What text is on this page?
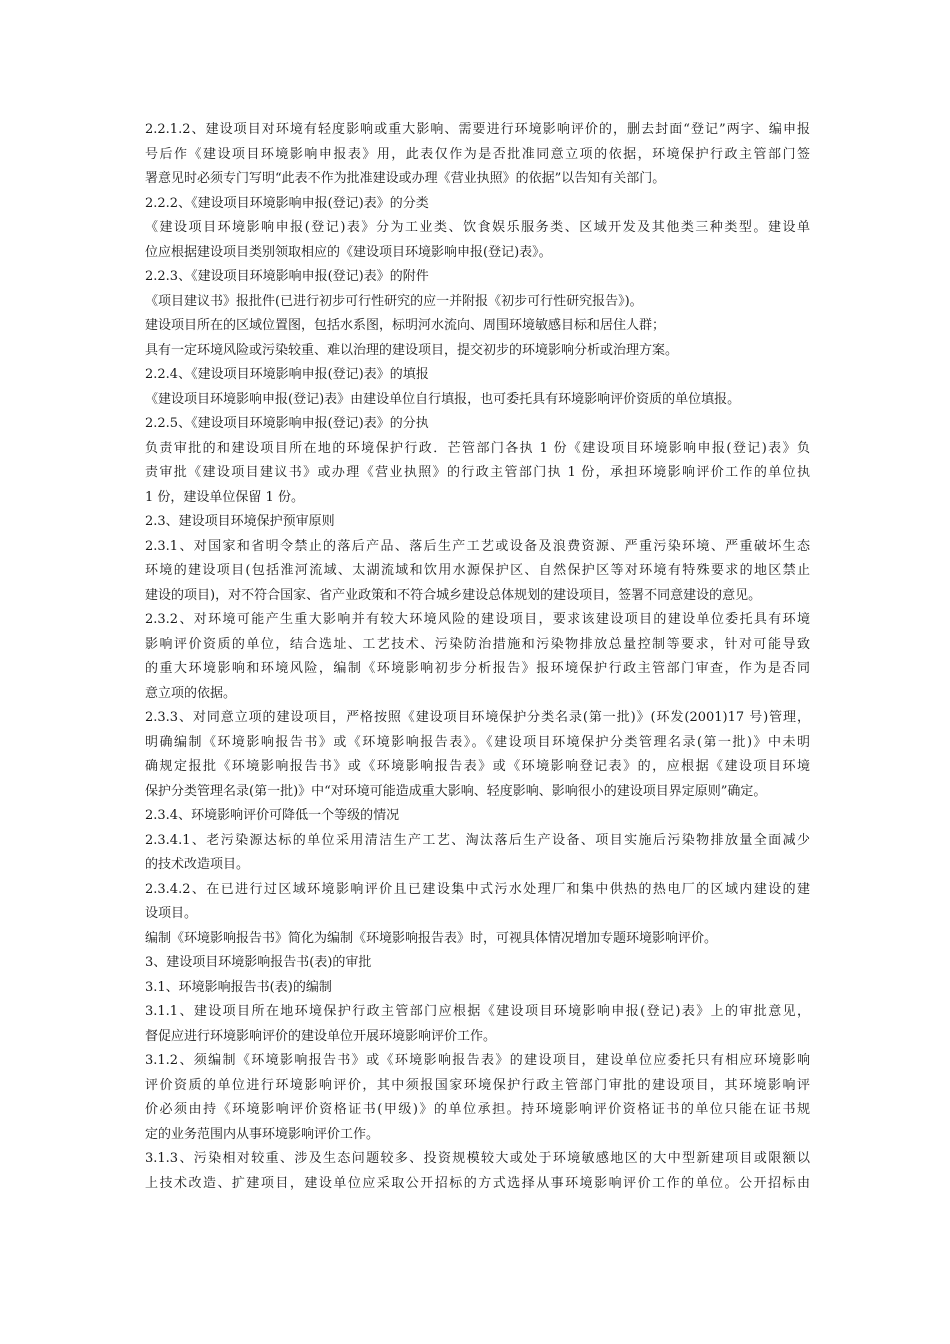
2.2.1.2、建设项目对环境有轻度影响或重大影响、需要进行环境影响评价的，删去封面“登记”两字、编申报
号后作《建设项目环境影响申报表》用，此表仅作为是否批准同意立项的依据，环境保护行政主管部门签
署意见时必须专门写明“此表不作为批准建设或办理《营业执照》的依据”以告知有关部门。
2.2.2、《建设项目环境影响申报(登记)表》的分类
《建设项目环境影响申报(登记)表》分为工业类、饮食娱乐服务类、区域开发及其他类三种类型。建设单
位应根据建设项目类别领取相应的《建设项目环境影响申报(登记)表》。
2.2.3、《建设项目环境影响申报(登记)表》的附件
《项目建议书》报批件(已进行初步可行性研究的应一并附报《初步可行性研究报告》)。
建设项目所在的区域位置图，包括水系图，标明河水流向、周围环境敏感目标和居住人群；
具有一定环境风险或污染较重、难以治理的建设项目，提交初步的环境影响分析或治理方案。
2.2.4、《建设项目环境影响申报(登记)表》的填报
《建设项目环境影响申报(登记)表》由建设单位自行填报，也可委托具有环境影响评价资质的单位填报。
2.2.5、《建设项目环境影响申报(登记)表》的分执
负责审批的和建设项目所在地的环境保护行政．芒管部门各执 1 份《建设项目环境影响申报(登记)表》负
责审批《建设项目建议书》或办理《营业执照》的行政主管部门执 1 份，承担环境影响评价工作的单位执
1 份，建设单位保留 1 份。
2.3、建设项目环境保护预审原则
2.3.1、对国家和省明令禁止的落后产品、落后生产工艺或设备及浪费资源、严重污染环境、严重破坏生态
环境的建设项目(包括淮河流域、太湖流域和饮用水源保护区、自然保护区等对环境有特殊要求的地区禁止
建设的项目)，对不符合国家、省产业政策和不符合城乡建设总体规划的建设项目，签署不同意建设的意见。
2.3.2、对环境可能产生重大影响并有较大环境风险的建设项目，要求该建设项目的建设单位委托具有环境
影响评价资质的单位，结合选址、工艺技术、污染防治措施和污染物排放总量控制等要求，针对可能导致
的重大环境影响和环境风险，编制《环境影响初步分析报告》报环境保护行政主管部门审查，作为是否同
意立项的依据。
2.3.3、对同意立项的建设项目，严格按照《建设项目环境保护分类名录(第一批)》(环发(2001)17 号)管理，
明确编制《环境影响报告书》或《环境影响报告表》。《建设项目环境保护分类管理名录(第一批)》中未明
确规定报批《环境影响报告书》或《环境影响报告表》或《环境影响登记表》的，应根据《建设项目环境
保护分类管理名录(第一批)》中“对环境可能造成重大影响、轻度影响、影响很小的建设项目界定原则”确定。
2.3.4、环境影响评价可降低一个等级的情况
2.3.4.1、老污染源达标的单位采用清洁生产工艺、淘汰落后生产设备、项目实施后污染物排放量全面减少
的技术改造项目。
2.3.4.2、在已进行过区域环境影响评价且已建设集中式污水处理厂和集中供热的热电厂的区域内建设的建
设项目。
编制《环境影响报告书》简化为编制《环境影响报告表》时，可视具体情况增加专题环境影响评价。
3、建设项目环境影响报告书(表)的审批
3.1、环境影响报告书(表)的编制
3.1.1、建设项目所在地环境保护行政主管部门应根据《建设项目环境影响申报(登记)表》上的审批意见，
督促应进行环境影响评价的建设单位开展环境影响评价工作。
3.1.2、须编制《环境影响报告书》或《环境影响报告表》的建设项目，建设单位应委托只有相应环境影响
评价资质的单位进行环境影响评价，其中须报国家环境保护行政主管部门审批的建设项目，其环境影响评
价必须由持《环境影响评价资格证书(甲级)》的单位承担。持环境影响评价资格证书的单位只能在证书规
定的业务范围内从事环境影响评价工作。
3.1.3、污染相对较重、涉及生态问题较多、投资规模较大或处于环境敏感地区的大中型新建项目或限额以
上技术改造、扩建项目，建设单位应采取公开招标的方式选择从事环境影响评价工作的单位。公开招标由
